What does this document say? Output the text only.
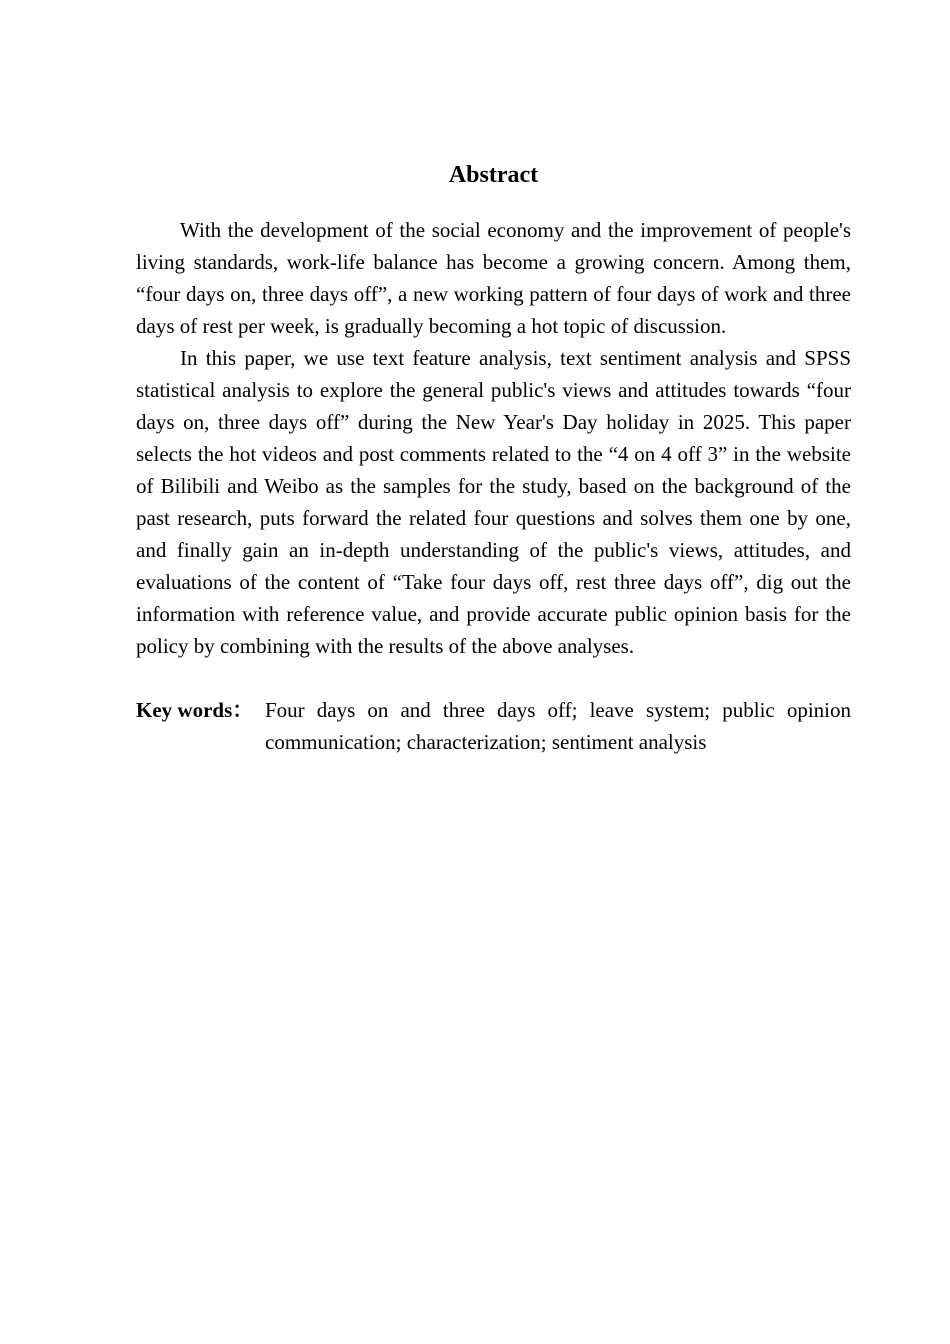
Abstract

With the development of the social economy and the improvement of people's living standards, work-life balance has become a growing concern. Among them, “four days on, three days off”, a new working pattern of four days of work and three days of rest per week, is gradually becoming a hot topic of discussion.

In this paper, we use text feature analysis, text sentiment analysis and SPSS statistical analysis to explore the general public's views and attitudes towards “four days on, three days off” during the New Year's Day holiday in 2025. This paper selects the hot videos and post comments related to the “4 on 4 off 3” in the website of Bilibili and Weibo as the samples for the study, based on the background of the past research, puts forward the related four questions and solves them one by one, and finally gain an in-depth understanding of the public's views, attitudes, and evaluations of the content of “Take four days off, rest three days off”, dig out the information with reference value, and provide accurate public opinion basis for the policy by combining with the results of the above analyses.

Key words： Four days on and three days off; leave system; public opinion communication; characterization; sentiment analysis
